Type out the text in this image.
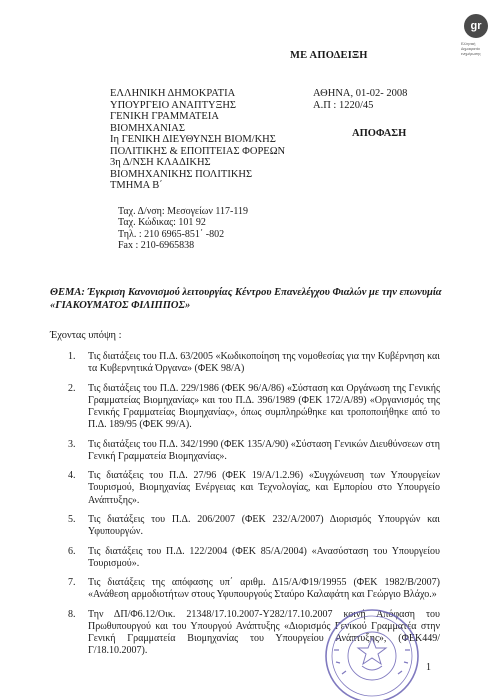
ΜΕ ΑΠΟΔΕΙΞΗ
gr
Ελληνική
Δημοκρατία
ενημέρωσης
ΕΛΛΗΝΙΚΗ ΔΗΜΟΚΡΑΤΙΑ
ΥΠΟΥΡΓΕΙΟ ΑΝΑΠΤΥΞΗΣ
ΓΕΝΙΚΗ ΓΡΑΜΜΑΤΕΙΑ
ΒΙΟΜΗΧΑΝΙΑΣ
Ιη ΓΕΝΙΚΗ ΔΙΕΥΘΥΝΣΗ ΒΙΟΜ/ΚΗΣ
ΠΟΛΙΤΙΚΗΣ & ΕΠΟΠΤΕΙΑΣ ΦΟΡΕΩΝ
3η Δ/ΝΣΗ ΚΛΑΔΙΚΗΣ
ΒΙΟΜΗΧΑΝΙΚΗΣ ΠΟΛΙΤΙΚΗΣ
ΤΜΗΜΑ Β΄
ΑΘΗΝΑ, 01-02- 2008
Α.Π : 1220/45
ΑΠΟΦΑΣΗ
Ταχ. Δ/νση: Μεσογείων 117-119
Ταχ. Κώδικας: 101 92
Τηλ. : 210 6965-851΄ -802
Fax : 210-6965838
ΘΕΜΑ: Έγκριση Κανονισμού λειτουργίας Κέντρου Επανελέγχου Φιαλών με την επωνυμία «ΓΙΑΚΟΥΜΑΤΟΣ ΦΙΛΙΠΠΟΣ»
Έχοντας υπόψη :
1. Τις διατάξεις του Π.Δ. 63/2005 «Κωδικοποίηση της νομοθεσίας για την Κυβέρνηση και τα Κυβερνητικά Όργανα» (ΦΕΚ 98/Α)
2. Τις διατάξεις του Π.Δ. 229/1986 (ΦΕΚ 96/Α/86) «Σύσταση και Οργάνωση της Γενικής Γραμματείας Βιομηχανίας» και του Π.Δ. 396/1989 (ΦΕΚ 172/Α/89) «Οργανισμός της Γενικής Γραμματείας Βιομηχανίας», όπως συμπληρώθηκε και τροποποιήθηκε από το Π.Δ. 189/95 (ΦΕΚ 99/Α).
3. Τις διατάξεις του Π.Δ. 342/1990 (ΦΕΚ 135/Α/90) «Σύσταση Γενικών Διευθύνσεων στη Γενική Γραμματεία Βιομηχανίας».
4. Τις διατάξεις του Π.Δ. 27/96 (ΦΕΚ 19/Α/1.2.96) «Συγχώνευση των Υπουργείων Τουρισμού, Βιομηχανίας Ενέργειας και Τεχνολογίας, και Εμπορίου στο Υπουργείο Ανάπτυξης».
5. Τις διατάξεις του Π.Δ. 206/2007 (ΦΕΚ 232/Α/2007) Διορισμός Υπουργών και Υφυπουργών.
6. Τις διατάξεις του Π.Δ. 122/2004 (ΦΕΚ 85/Α/2004) «Ανασύσταση του Υπουργείου Τουρισμού».
7. Τις διατάξεις της απόφασης υπ΄ αριθμ. Δ15/Α/Φ19/19955 (ΦΕΚ 1982/Β/2007) «Ανάθεση αρμοδιοτήτων στους Υφυπουργούς Σταύρο Καλαφάτη και Γεώργιο Βλάχο.»
8. Την ΔΠ/Φ6.12/Οικ. 21348/17.10.2007-Υ282/17.10.2007 κοινή Απόφαση του Πρωθυπουργού και του Υπουργού Ανάπτυξης «Διορισμός Γενικού Γραμματέα στην Γενική Γραμματεία Βιομηχανίας του Υπουργείου Ανάπτυξης», (ΦΕΚ449/Γ/18.10.2007).
1
